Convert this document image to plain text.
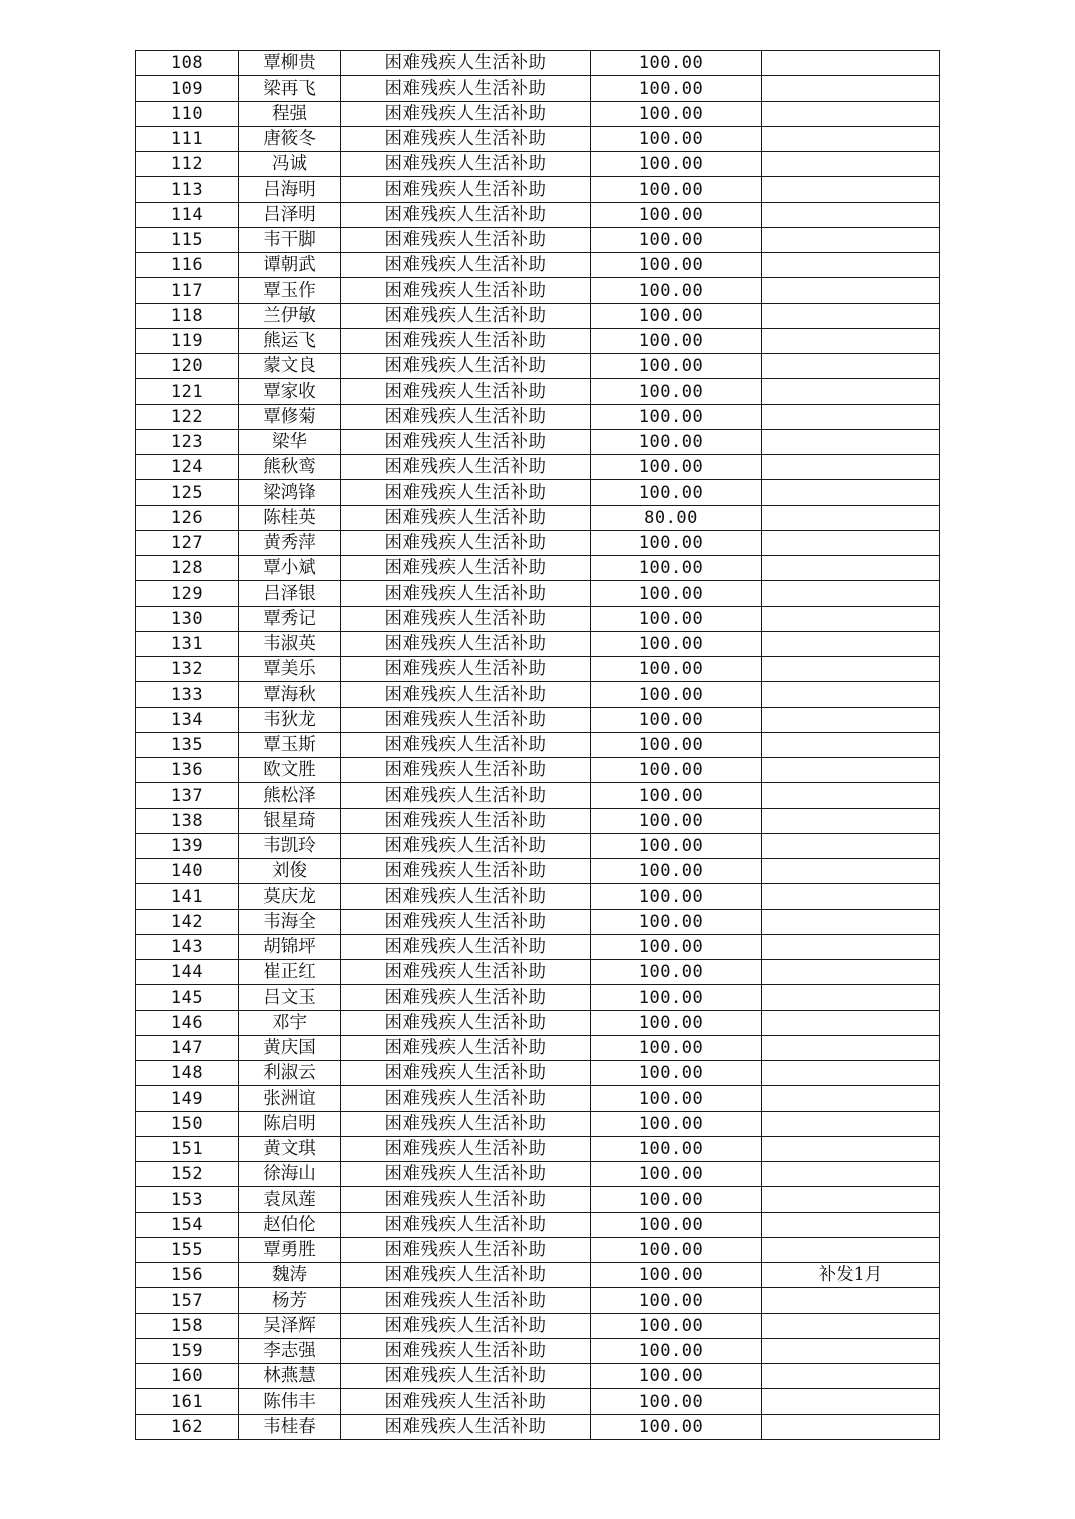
108	覃柳贵	困难残疾人生活补助	100.00	
109	梁再飞	困难残疾人生活补助	100.00	
110	程强	困难残疾人生活补助	100.00	
111	唐筱冬	困难残疾人生活补助	100.00	
112	冯诚	困难残疾人生活补助	100.00	
113	吕海明	困难残疾人生活补助	100.00	
114	吕泽明	困难残疾人生活补助	100.00	
115	韦干脚	困难残疾人生活补助	100.00	
116	谭朝武	困难残疾人生活补助	100.00	
117	覃玉作	困难残疾人生活补助	100.00	
118	兰伊敏	困难残疾人生活补助	100.00	
119	熊运飞	困难残疾人生活补助	100.00	
120	蒙文良	困难残疾人生活补助	100.00	
121	覃家收	困难残疾人生活补助	100.00	
122	覃修菊	困难残疾人生活补助	100.00	
123	梁华	困难残疾人生活补助	100.00	
124	熊秋鸾	困难残疾人生活补助	100.00	
125	梁鸿锋	困难残疾人生活补助	100.00	
126	陈桂英	困难残疾人生活补助	80.00	
127	黄秀萍	困难残疾人生活补助	100.00	
128	覃小斌	困难残疾人生活补助	100.00	
129	吕泽银	困难残疾人生活补助	100.00	
130	覃秀记	困难残疾人生活补助	100.00	
131	韦淑英	困难残疾人生活补助	100.00	
132	覃美乐	困难残疾人生活补助	100.00	
133	覃海秋	困难残疾人生活补助	100.00	
134	韦狄龙	困难残疾人生活补助	100.00	
135	覃玉斯	困难残疾人生活补助	100.00	
136	欧文胜	困难残疾人生活补助	100.00	
137	熊松泽	困难残疾人生活补助	100.00	
138	银星琦	困难残疾人生活补助	100.00	
139	韦凯玲	困难残疾人生活补助	100.00	
140	刘俊	困难残疾人生活补助	100.00	
141	莫庆龙	困难残疾人生活补助	100.00	
142	韦海全	困难残疾人生活补助	100.00	
143	胡锦坪	困难残疾人生活补助	100.00	
144	崔正红	困难残疾人生活补助	100.00	
145	吕文玉	困难残疾人生活补助	100.00	
146	邓宇	困难残疾人生活补助	100.00	
147	黄庆国	困难残疾人生活补助	100.00	
148	利淑云	困难残疾人生活补助	100.00	
149	张洲谊	困难残疾人生活补助	100.00	
150	陈启明	困难残疾人生活补助	100.00	
151	黄文琪	困难残疾人生活补助	100.00	
152	徐海山	困难残疾人生活补助	100.00	
153	袁凤莲	困难残疾人生活补助	100.00	
154	赵伯伦	困难残疾人生活补助	100.00	
155	覃勇胜	困难残疾人生活补助	100.00	
156	魏涛	困难残疾人生活补助	100.00	补发1月
157	杨芳	困难残疾人生活补助	100.00	
158	吴泽辉	困难残疾人生活补助	100.00	
159	李志强	困难残疾人生活补助	100.00	
160	林燕慧	困难残疾人生活补助	100.00	
161	陈伟丰	困难残疾人生活补助	100.00	
162	韦桂春	困难残疾人生活补助	100.00	
